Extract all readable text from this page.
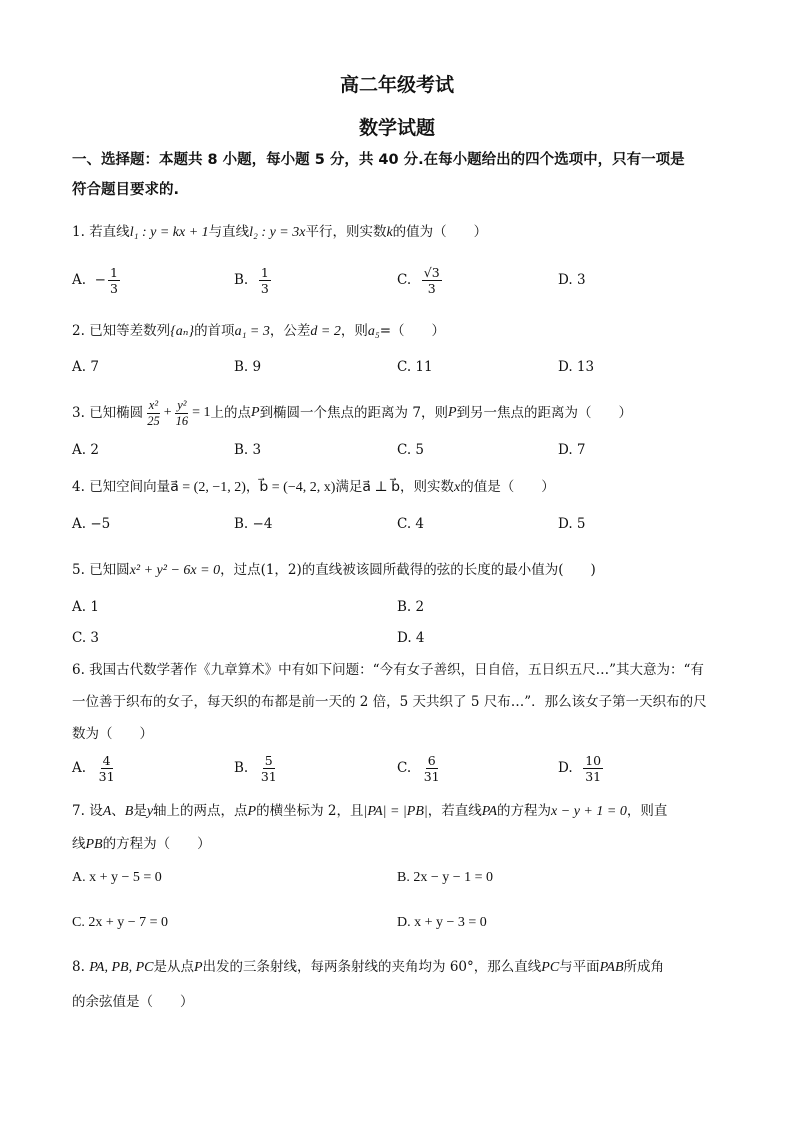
高二年级考试
数学试题
一、选择题：本题共 8 小题，每小题 5 分，共 40 分.在每小题给出的四个选项中，只有一项是
符合题目要求的.
1. 若直线l₁ : y = kx + 1与直线l₂ : y = 3x平行，则实数k的值为（　　）
A.
− $\frac{1}{3}$	B.
$\frac{1}{3}$	C.
$\frac{√3}{3}$	D.
3
2. 已知等差数列{aₙ}的首项a₁ = 3，公差d = 2，则a₅=（　　）
A. 7	B. 9	C. 11	D. 13
3.
已知椭圆 $\frac{\text{x²}}{25} + \frac{\text{y²}}{16} = 1$ 上的点 P 到椭圆一个焦点的距离为 7，则 P 到另一焦点的距离为（　　）
A. 2	B. 3	C. 5	D. 7
4. 已知空间向量a⃗ = (2, −1, 2)，b⃗ = (−4, 2, x)满足a⃗ ⊥ b⃗，则实数x的值是（　　）
A. −5	B. −4	C. 4	D. 5
5. 已知圆x² + y² − 6x = 0，过点(1，2)的直线被该圆所截得的弦的长度的最小值为(　　)
A. 1	B. 2
C. 3	D. 4
6. 我国古代数学著作《九章算术》中有如下问题：“今有女子善织，日自倍，五日织五尺…”其大意为：“有
一位善于织布的女子，每天织的布都是前一天的 2 倍，5 天共织了 5 尺布…”．那么该女子第一天织布的尺
数为（　　）
A.
$\frac{4}{31}$	B.
$\frac{5}{31}$	C.
$\frac{6}{31}$	D.
$\frac{10}{31}$
7. 设A、B是y轴上的两点，点P的横坐标为 2，且|PA| = |PB|，若直线PA的方程为x − y + 1 = 0，则直
线PB的方程为（　　）
A. x + y − 5 = 0	B. 2x − y − 1 = 0
C. 2x + y − 7 = 0	D. x + y − 3 = 0
8. PA, PB, PC是从点P出发的三条射线，每两条射线的夹角均为 60°，那么直线PC与平面PAB所成角
的余弦值是（　　）
